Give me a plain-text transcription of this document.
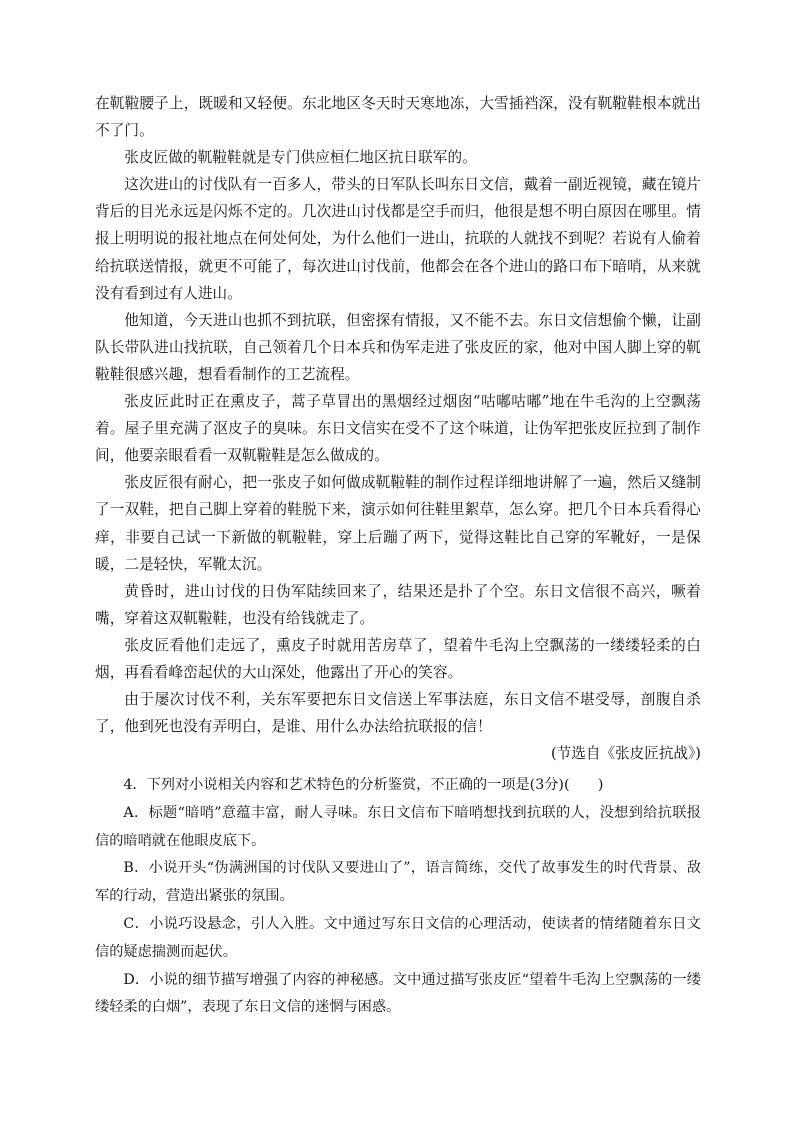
在靰鞡腰子上，既暖和又轻便。东北地区冬天时天寒地冻，大雪插裆深，没有靰鞡鞋根本就出不了门。

张皮匠做的靰鞡鞋就是专门供应桓仁地区抗日联军的。

这次进山的讨伐队有一百多人，带头的日军队长叫东日文信，戴着一副近视镜，藏在镜片背后的目光永远是闪烁不定的。几次进山讨伐都是空手而归，他很是想不明白原因在哪里。情报上明明说的报社地点在何处何处，为什么他们一进山，抗联的人就找不到呢？若说有人偷着给抗联送情报，就更不可能了，每次进山讨伐前，他都会在各个进山的路口布下暗哨，从来就没有看到过有人进山。

他知道，今天进山也抓不到抗联，但密探有情报，又不能不去。东日文信想偷个懒，让副队长带队进山找抗联，自己领着几个日本兵和伪军走进了张皮匠的家，他对中国人脚上穿的靰鞡鞋很感兴趣，想看看制作的工艺流程。

张皮匠此时正在熏皮子，蒿子草冒出的黑烟经过烟囱“咕嘟咕嘟”地在牛毛沟的上空飘荡着。屋子里充满了沤皮子的臭味。东日文信实在受不了这个味道，让伪军把张皮匠拉到了制作间，他要亲眼看看一双靰鞡鞋是怎么做成的。

张皮匠很有耐心，把一张皮子如何做成靰鞡鞋的制作过程详细地讲解了一遍，然后又缝制了一双鞋，把自己脚上穿着的鞋脱下来，演示如何往鞋里絮草，怎么穿。把几个日本兵看得心痒，非要自己试一下新做的靰鞡鞋，穿上后蹦了两下，觉得这鞋比自己穿的军靴好，一是保暖，二是轻快，军靴太沉。

黄昏时，进山讨伐的日伪军陆续回来了，结果还是扑了个空。东日文信很不高兴，噘着嘴，穿着这双靰鞡鞋，也没有给钱就走了。

张皮匠看他们走远了，熏皮子时就用苦房草了，望着牛毛沟上空飘荡的一缕缕轻柔的白烟，再看看峰峦起伏的大山深处，他露出了开心的笑容。

由于屡次讨伐不利，关东军要把东日文信送上军事法庭，东日文信不堪受辱，剖腹自杀了，他到死也没有弄明白，是谁、用什么办法给抗联报的信！

(节选自《张皮匠抗战》)

4．下列对小说相关内容和艺术特色的分析鉴赏，不正确的一项是(3分)(　　)

A．标题“暗哨”意蕴丰富，耐人寻味。东日文信布下暗哨想找到抗联的人，没想到给抗联报信的暗哨就在他眼皮底下。

B．小说开头“伪满洲国的讨伐队又要进山了”，语言简练，交代了故事发生的时代背景、敌军的行动，营造出紧张的氛围。

C．小说巧设悬念，引人入胜。文中通过写东日文信的心理活动，使读者的情绪随着东日文信的疑虑揣测而起伏。

D．小说的细节描写增强了内容的神秘感。文中通过描写张皮匠“望着牛毛沟上空飘荡的一缕缕轻柔的白烟”，表现了东日文信的迷惘与困惑。
